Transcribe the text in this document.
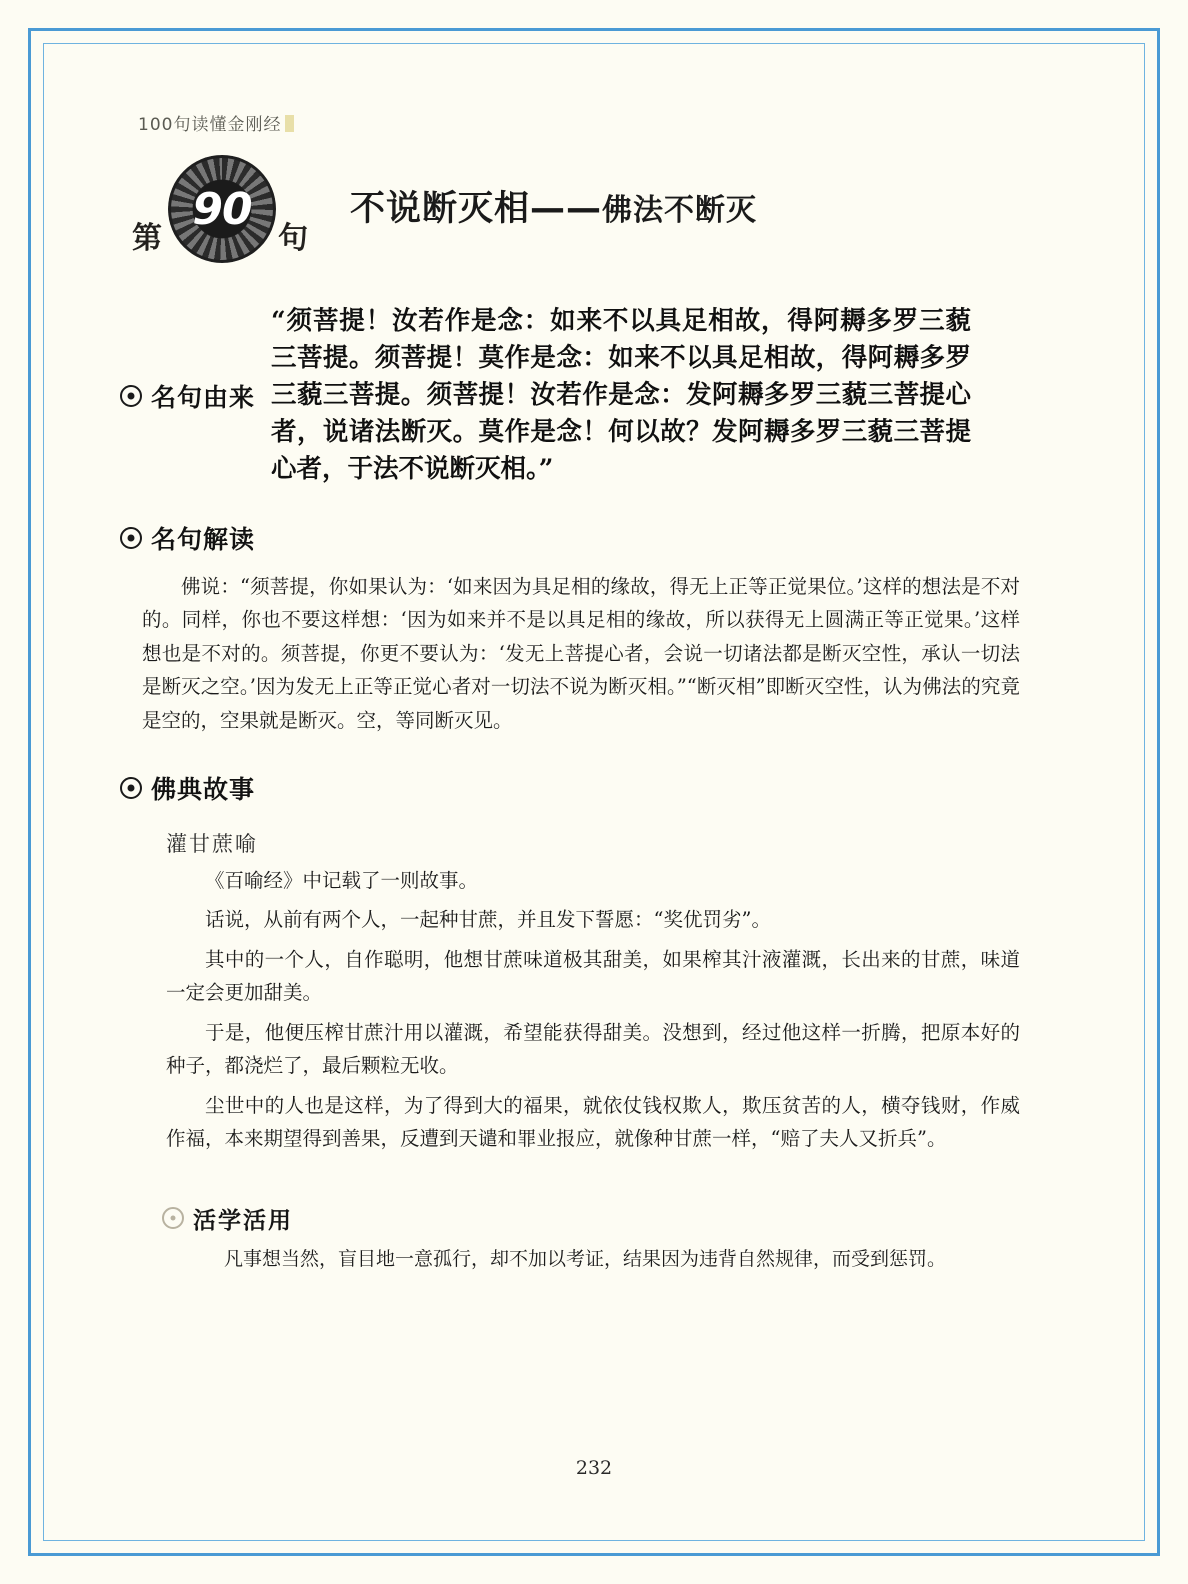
100句读懂金刚经
第
90
句
不说断灭相——佛法不断灭
名句由来
“须菩提！汝若作是念：如来不以具足相故，得阿耨多罗三藐三菩提。须菩提！莫作是念：如来不以具足相故，得阿耨多罗三藐三菩提。须菩提！汝若作是念：发阿耨多罗三藐三菩提心者，说诸法断灭。莫作是念！何以故？发阿耨多罗三藐三菩提心者，于法不说断灭相。”
名句解读

佛说：“须菩提，你如果认为：‘如来因为具足相的缘故，得无上正等正觉果位。’这样的想法是不对的。同样，你也不要这样想：‘因为如来并不是以具足相的缘故，所以获得无上圆满正等正觉果。’这样想也是不对的。须菩提，你更不要认为：‘发无上菩提心者，会说一切诸法都是断灭空性，承认一切法是断灭之空。’因为发无上正等正觉心者对一切法不说为断灭相。”“断灭相”即断灭空性，认为佛法的究竟是空的，空果就是断灭。空，等同断灭见。

佛典故事
灌甘蔗喻

《百喻经》中记载了一则故事。

话说，从前有两个人，一起种甘蔗，并且发下誓愿：“奖优罚劣”。

其中的一个人，自作聪明，他想甘蔗味道极其甜美，如果榨其汁液灌溉，长出来的甘蔗，味道一定会更加甜美。

于是，他便压榨甘蔗汁用以灌溉，希望能获得甜美。没想到，经过他这样一折腾，把原本好的种子，都浇烂了，最后颗粒无收。

尘世中的人也是这样，为了得到大的福果，就依仗钱权欺人，欺压贫苦的人，横夺钱财，作威作福，本来期望得到善果，反遭到天谴和罪业报应，就像种甘蔗一样，“赔了夫人又折兵”。

活学活用

凡事想当然，盲目地一意孤行，却不加以考证，结果因为违背自然规律，而受到惩罚。

232
